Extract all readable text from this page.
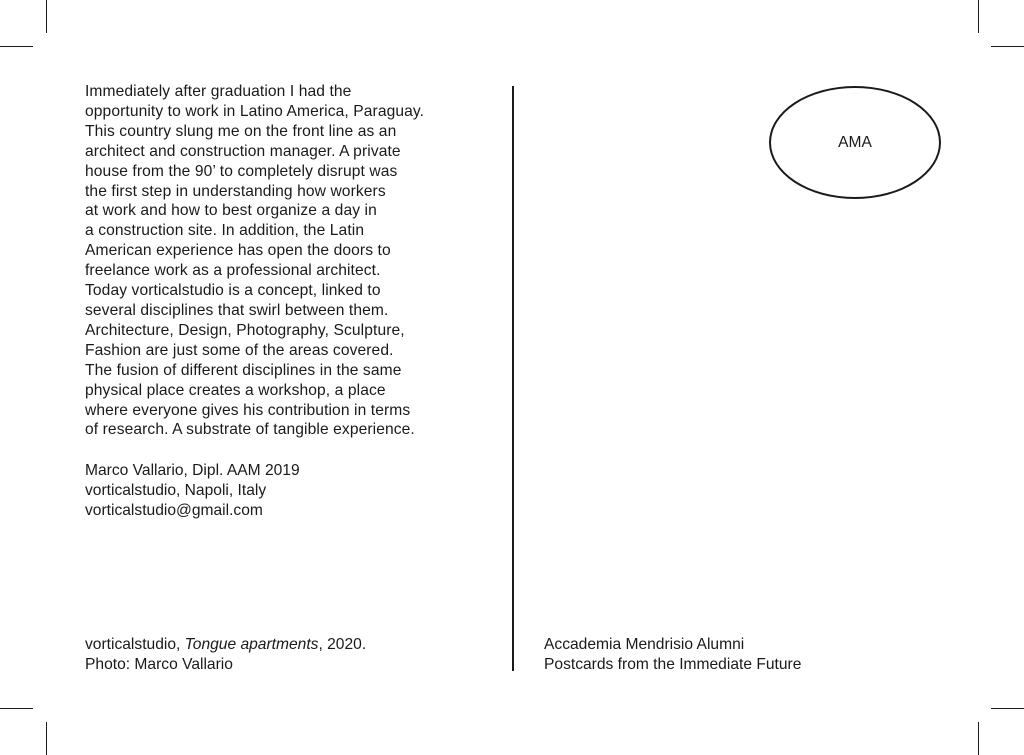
Immediately after graduation I had the
opportunity to work in Latino America, Paraguay.
This country slung me on the front line as an
architect and construction manager. A private
house from the 90’ to completely disrupt was
the first step in understanding how workers
at work and how to best organize a day in
a construction site. In addition, the Latin
American experience has open the doors to
freelance work as a professional architect.
Today vorticalstudio is a concept, linked to
several disciplines that swirl between them.
Architecture, Design, Photography, Sculpture,
Fashion are just some of the areas covered.
The fusion of different disciplines in the same
physical place creates a workshop, a place
where everyone gives his contribution in terms
of research. A substrate of tangible experience.
Marco Vallario, Dipl. AAM 2019
vorticalstudio, Napoli, Italy
vorticalstudio@gmail.com
vorticalstudio, Tongue apartments, 2020.
Photo: Marco Vallario
AMA
Accademia Mendrisio Alumni
Postcards from the Immediate Future
